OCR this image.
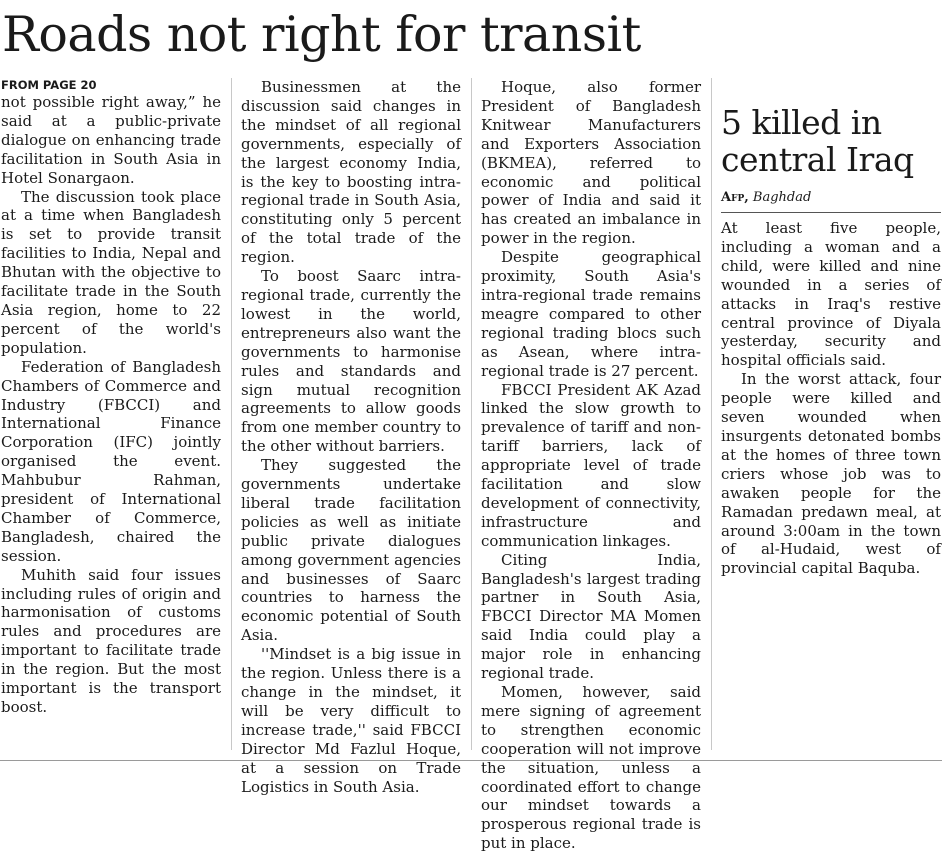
Roads not right for transit
FROM PAGE 20

not possible right away,” he said at a public-private dialogue on enhancing trade facilitation in South Asia in Hotel Sonargaon.

The discussion took place at a time when Bangladesh is set to provide transit facilities to India, Nepal and Bhutan with the objective to facilitate trade in the South Asia region, home to 22 percent of the world's population.

Federation of Bangladesh Chambers of Commerce and Industry (FBCCI) and International Finance Corporation (IFC) jointly organised the event. Mahbubur Rahman, president of International Chamber of Commerce, Bangladesh, chaired the session.

Muhith said four issues including rules of origin and harmonisation of customs rules and procedures are important to facilitate trade in the region. But the most important is the transport boost.

Businessmen at the discussion said changes in the mindset of all regional governments, especially of the largest economy India, is the key to boosting intra-regional trade in South Asia, constituting only 5 percent of the total trade of the region.

To boost Saarc intra-regional trade, currently the lowest in the world, entrepreneurs also want the governments to harmonise rules and standards and sign mutual recognition agreements to allow goods from one member country to the other without barriers.

They suggested the governments undertake liberal trade facilitation policies as well as initiate public private dialogues among government agencies and businesses of Saarc countries to harness the economic potential of South Asia.

''Mindset is a big issue in the region. Unless there is a change in the mindset, it will be very difficult to increase trade,'' said FBCCI Director Md Fazlul Hoque, at a session on Trade Logistics in South Asia.

Hoque, also former President of Bangladesh Knitwear Manufacturers and Exporters Association (BKMEA), referred to economic and political power of India and said it has created an imbalance in power in the region.

Despite geographical proximity, South Asia's intra-regional trade remains meagre compared to other regional trading blocs such as Asean, where intra-regional trade is 27 percent.

FBCCI President AK Azad linked the slow growth to prevalence of tariff and non-tariff barriers, lack of appropriate level of trade facilitation and slow development of connectivity, infrastructure and communication linkages.

Citing India, Bangladesh's largest trading partner in South Asia, FBCCI Director MA Momen said India could play a major role in enhancing regional trade.

Momen, however, said mere signing of agreement to strengthen economic cooperation will not improve the situation, unless a coordinated effort to change our mindset towards a prosperous regional trade is put in place.

5 killed in central Iraq
Afp, Baghdad

At least five people, including a woman and a child, were killed and nine wounded in a series of attacks in Iraq's restive central province of Diyala yesterday, security and hospital officials said.

In the worst attack, four people were killed and seven wounded when insurgents detonated bombs at the homes of three town criers whose job was to awaken people for the Ramadan predawn meal, at around 3:00am in the town of al-Hudaid, west of provincial capital Baquba.
